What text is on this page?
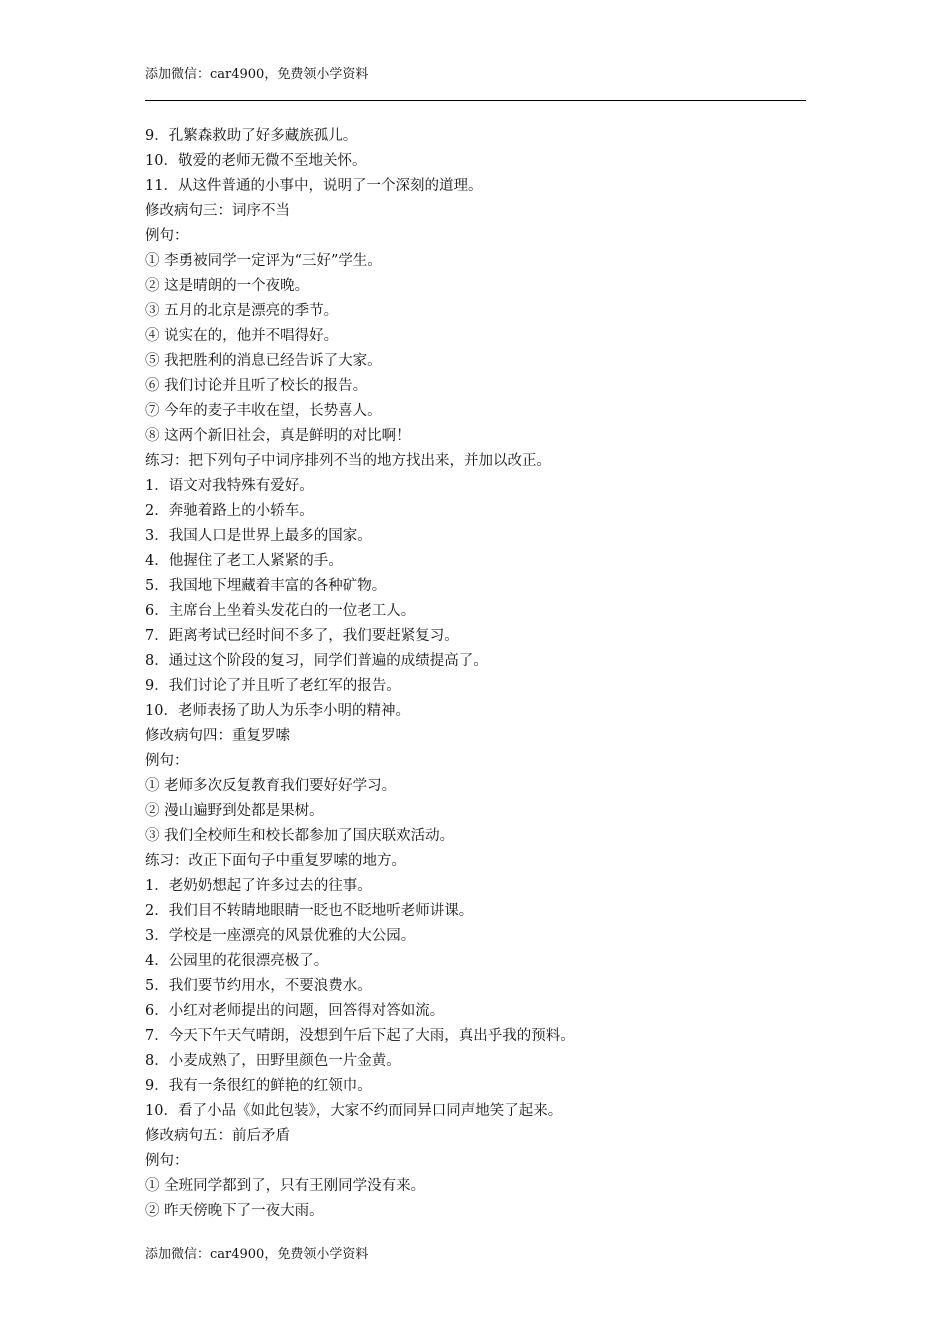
添加微信：car4900，免费领小学资料
9．孔繁森救助了好多藏族孤儿。
10．敬爱的老师无微不至地关怀。
11．从这件普通的小事中，说明了一个深刻的道理。
修改病句三：词序不当
例句：
① 李勇被同学一定评为“三好”学生。
② 这是晴朗的一个夜晚。
③ 五月的北京是漂亮的季节。
④ 说实在的，他并不唱得好。
⑤ 我把胜利的消息已经告诉了大家。
⑥ 我们讨论并且听了校长的报告。
⑦ 今年的麦子丰收在望，长势喜人。
⑧ 这两个新旧社会，真是鲜明的对比啊！
练习：把下列句子中词序排列不当的地方找出来，并加以改正。
1．语文对我特殊有爱好。
2．奔驰着路上的小轿车。
3．我国人口是世界上最多的国家。
4．他握住了老工人紧紧的手。
5．我国地下埋藏着丰富的各种矿物。
6．主席台上坐着头发花白的一位老工人。
7．距离考试已经时间不多了，我们要赶紧复习。
8．通过这个阶段的复习，同学们普遍的成绩提高了。
9．我们讨论了并且听了老红军的报告。
10．老师表扬了助人为乐李小明的精神。
修改病句四：重复罗嗦
例句：
① 老师多次反复教育我们要好好学习。
② 漫山遍野到处都是果树。
③ 我们全校师生和校长都参加了国庆联欢活动。
练习：改正下面句子中重复罗嗦的地方。
1．老奶奶想起了许多过去的往事。
2．我们目不转睛地眼睛一眨也不眨地听老师讲课。
3．学校是一座漂亮的风景优雅的大公园。
4．公园里的花很漂亮极了。
5．我们要节约用水，不要浪费水。
6．小红对老师提出的问题，回答得对答如流。
7．今天下午天气晴朗，没想到午后下起了大雨，真出乎我的预料。
8．小麦成熟了，田野里颜色一片金黄。
9．我有一条很红的鲜艳的红领巾。
10．看了小品《如此包装》，大家不约而同异口同声地笑了起来。
修改病句五：前后矛盾
例句：
① 全班同学都到了，只有王刚同学没有来。
② 昨天傍晚下了一夜大雨。
添加微信：car4900，免费领小学资料
